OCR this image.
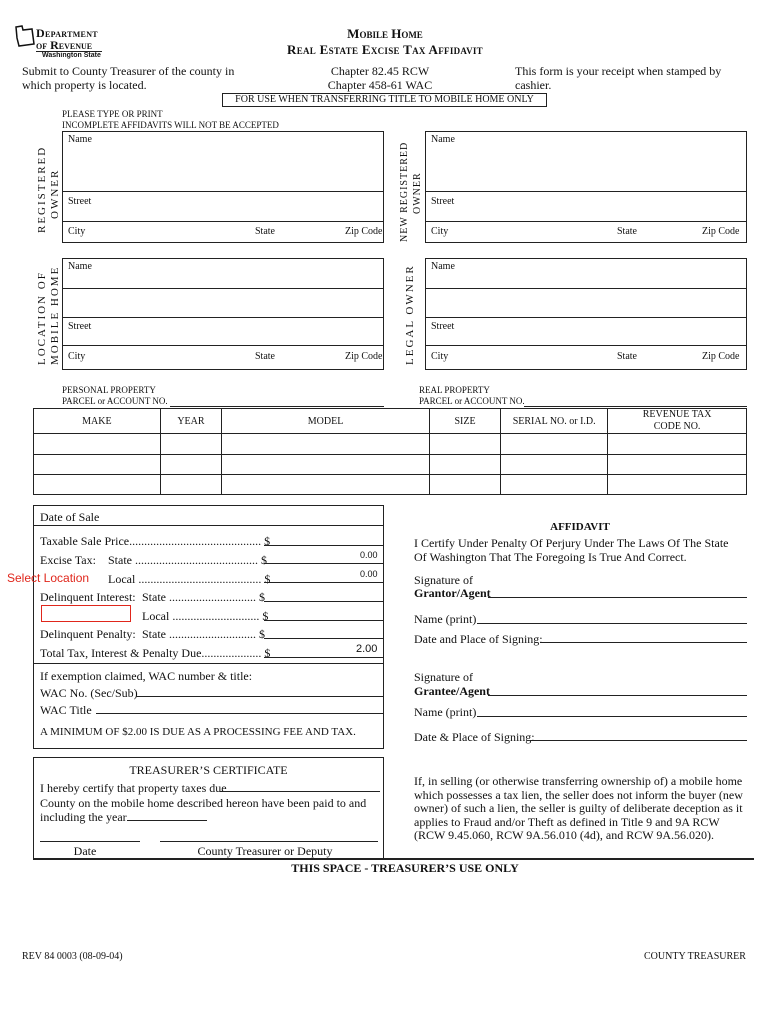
Department
of Revenue
Washington State
Mobile Home
Real Estate Excise Tax Affidavit
Submit to County Treasurer of the county in which property is located.
Chapter 82.45 RCW
Chapter 458-61 WAC
This form is your receipt when stamped by cashier.
FOR USE WHEN TRANSFERRING TITLE TO MOBILE HOME ONLY
PLEASE TYPE OR PRINT
INCOMPLETE AFFIDAVITS WILL NOT BE ACCEPTED
REGISTERED OWNER
Name
Street
City	State	Zip Code NEW REGISTERED OWNER
Name
Street
City	State	Zip Code
LOCATION OF MOBILE HOME Name
Street
City	State	Zip Code LEGAL OWNER Name
Street
City	State	Zip Code
PERSONAL PROPERTY
PARCEL or ACCOUNT NO.
REAL PROPERTY
PARCEL or ACCOUNT NO.
MAKE	YEAR	MODEL	SIZE	SERIAL NO. or I.D.	REVENUE TAX
CODE NO.

Date of Sale
Taxable Sale Price............................................ $
Excise Tax: State ......................................... $	0.00
Select Location Local ......................................... $	0.00
Delinquent Interest: State ............................. $
Local ............................. $
Delinquent Penalty: State ............................. $
Total Tax, Interest & Penalty Due.................... $	2.00
If exemption claimed, WAC number & title:
WAC No. (Sec/Sub)
WAC Title
A MINIMUM OF $2.00 IS DUE AS A PROCESSING FEE AND TAX.
AFFIDAVIT
I Certify Under Penalty Of Perjury Under The Laws Of The State Of Washington That The Foregoing Is True And Correct.
Signature of
Grantor/Agent
Name (print)
Date and Place of Signing:
Signature of
Grantee/Agent
Name (print)
Date & Place of Signing:
TREASURER’S CERTIFICATE
I hereby certify that property taxes due
County on the mobile home described hereon have been paid to and
including the year
Date	County Treasurer or Deputy
If, in selling (or otherwise transferring ownership of) a mobile home which possesses a tax lien, the seller does not inform the buyer (new owner) of such a lien, the seller is guilty of deliberate deception as it applies to Fraud and/or Theft as defined in Title 9 and 9A RCW (RCW 9.45.060, RCW 9A.56.010 (4d), and RCW 9A.56.020).
THIS SPACE - TREASURER’S USE ONLY
REV 84 0003 (08-09-04)	COUNTY TREASURER
